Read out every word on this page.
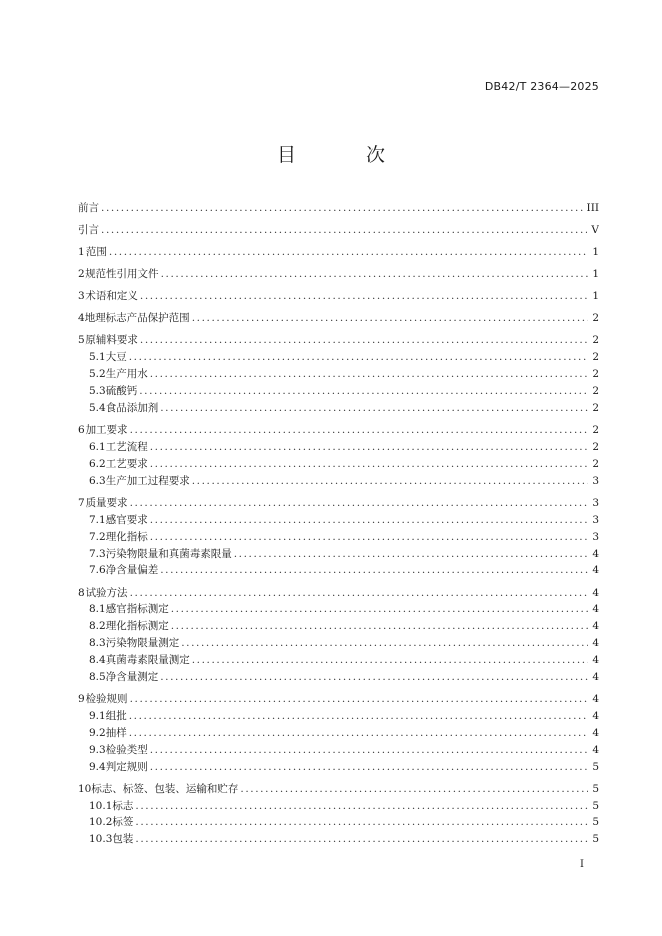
DB42/T 2364—2025
目 次
前言 .....	III
引言 .....	V
1 范围 .....	1
2 规范性引用文件 .....	1
3 术语和定义 .....	1
4 地理标志产品保护范围 .....	2
5 原辅料要求 .....	2
5.1 大豆 .....	2
5.2 生产用水 .....	2
5.3 硫酸钙 .....	2
5.4 食品添加剂 .....	2
6 加工要求 .....	2
6.1 工艺流程 .....	2
6.2 工艺要求 .....	2
6.3 生产加工过程要求 .....	3
7 质量要求 .....	3
7.1 感官要求 .....	3
7.2 理化指标 .....	3
7.3 污染物限量和真菌毒素限量 .....	4
7.6 净含量偏差 .....	4
8 试验方法 .....	4
8.1 感官指标测定 .....	4
8.2 理化指标测定 .....	4
8.3 污染物限量测定 .....	4
8.4 真菌毒素限量测定 .....	4
8.5 净含量测定 .....	4
9 检验规则 .....	4
9.1 组批 .....	4
9.2 抽样 .....	4
9.3 检验类型 .....	4
9.4 判定规则 .....	5
10 标志、标签、包装、运输和贮存 .....	5
10.1 标志 .....	5
10.2 标签 .....	5
10.3 包装 .....	5
I
